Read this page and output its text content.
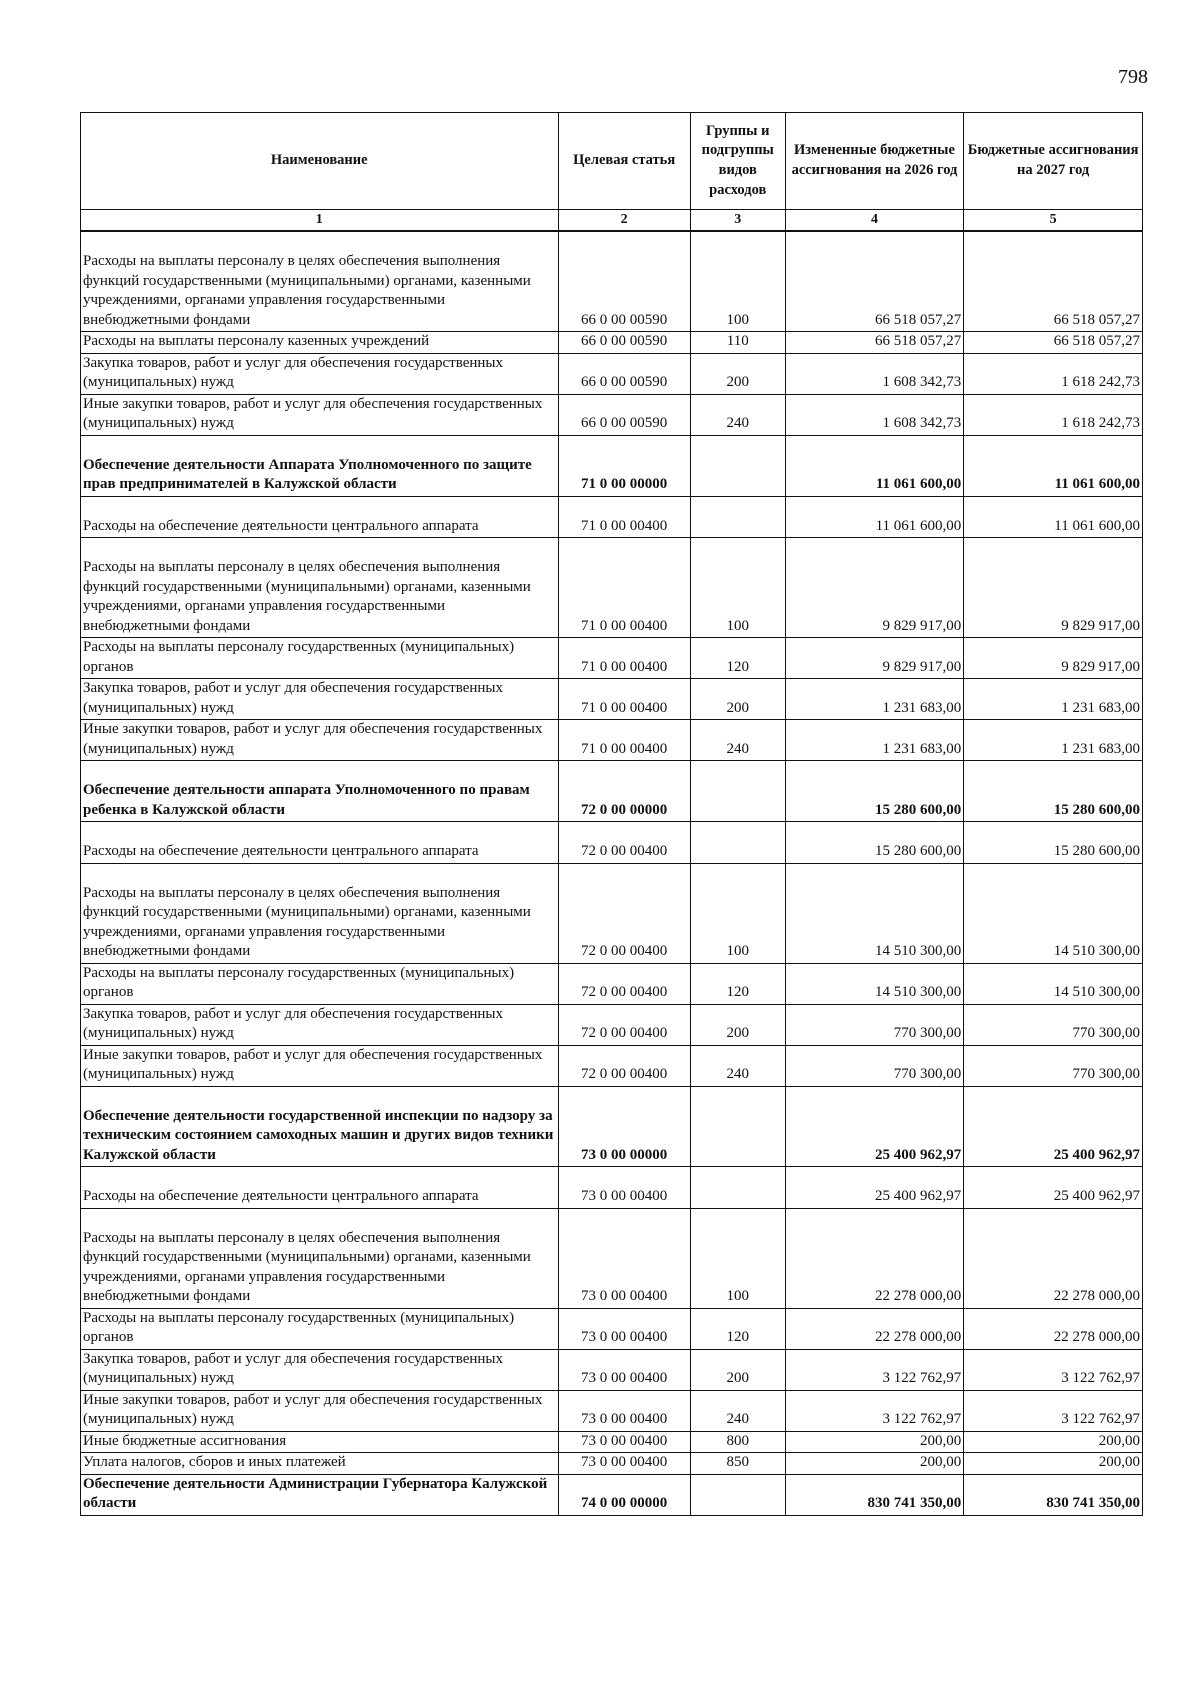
798
Наименование	Целевая статья	Группы и подгруппы видов расходов	Измененные бюджетные ассигнования на 2026 год	Бюджетные ассигнования на 2027 год
1	2	3	4	5
Расходы на выплаты персоналу в целях обеспечения выполнения функций государственными (муниципальными) органами, казенными учреждениями, органами управления государственными внебюджетными фондами	66 0 00 00590	100	66 518 057,27	66 518 057,27
Расходы на выплаты персоналу казенных учреждений	66 0 00 00590	110	66 518 057,27	66 518 057,27
Закупка товаров, работ и услуг для обеспечения государственных (муниципальных) нужд	66 0 00 00590	200	1 608 342,73	1 618 242,73
Иные закупки товаров, работ и услуг для обеспечения государственных (муниципальных) нужд	66 0 00 00590	240	1 608 342,73	1 618 242,73
Обеспечение деятельности Аппарата Уполномоченного по защите прав предпринимателей в Калужской области	71 0 00 00000		11 061 600,00	11 061 600,00
Расходы на обеспечение деятельности центрального аппарата	71 0 00 00400		11 061 600,00	11 061 600,00
Расходы на выплаты персоналу в целях обеспечения выполнения функций государственными (муниципальными) органами, казенными учреждениями, органами управления государственными внебюджетными фондами	71 0 00 00400	100	9 829 917,00	9 829 917,00
Расходы на выплаты персоналу государственных (муниципальных) органов	71 0 00 00400	120	9 829 917,00	9 829 917,00
Закупка товаров, работ и услуг для обеспечения государственных (муниципальных) нужд	71 0 00 00400	200	1 231 683,00	1 231 683,00
Иные закупки товаров, работ и услуг для обеспечения государственных (муниципальных) нужд	71 0 00 00400	240	1 231 683,00	1 231 683,00
Обеспечение деятельности аппарата Уполномоченного по правам ребенка в Калужской области	72 0 00 00000		15 280 600,00	15 280 600,00
Расходы на обеспечение деятельности центрального аппарата	72 0 00 00400		15 280 600,00	15 280 600,00
Расходы на выплаты персоналу в целях обеспечения выполнения функций государственными (муниципальными) органами, казенными учреждениями, органами управления государственными внебюджетными фондами	72 0 00 00400	100	14 510 300,00	14 510 300,00
Расходы на выплаты персоналу государственных (муниципальных) органов	72 0 00 00400	120	14 510 300,00	14 510 300,00
Закупка товаров, работ и услуг для обеспечения государственных (муниципальных) нужд	72 0 00 00400	200	770 300,00	770 300,00
Иные закупки товаров, работ и услуг для обеспечения государственных (муниципальных) нужд	72 0 00 00400	240	770 300,00	770 300,00
Обеспечение деятельности государственной инспекции по надзору за техническим состоянием самоходных машин и других видов техники Калужской области	73 0 00 00000		25 400 962,97	25 400 962,97
Расходы на обеспечение деятельности центрального аппарата	73 0 00 00400		25 400 962,97	25 400 962,97
Расходы на выплаты персоналу в целях обеспечения выполнения функций государственными (муниципальными) органами, казенными учреждениями, органами управления государственными внебюджетными фондами	73 0 00 00400	100	22 278 000,00	22 278 000,00
Расходы на выплаты персоналу государственных (муниципальных) органов	73 0 00 00400	120	22 278 000,00	22 278 000,00
Закупка товаров, работ и услуг для обеспечения государственных (муниципальных) нужд	73 0 00 00400	200	3 122 762,97	3 122 762,97
Иные закупки товаров, работ и услуг для обеспечения государственных (муниципальных) нужд	73 0 00 00400	240	3 122 762,97	3 122 762,97
Иные бюджетные ассигнования	73 0 00 00400	800	200,00	200,00
Уплата налогов, сборов и иных платежей	73 0 00 00400	850	200,00	200,00
Обеспечение деятельности Администрации Губернатора Калужской области	74 0 00 00000		830 741 350,00	830 741 350,00
